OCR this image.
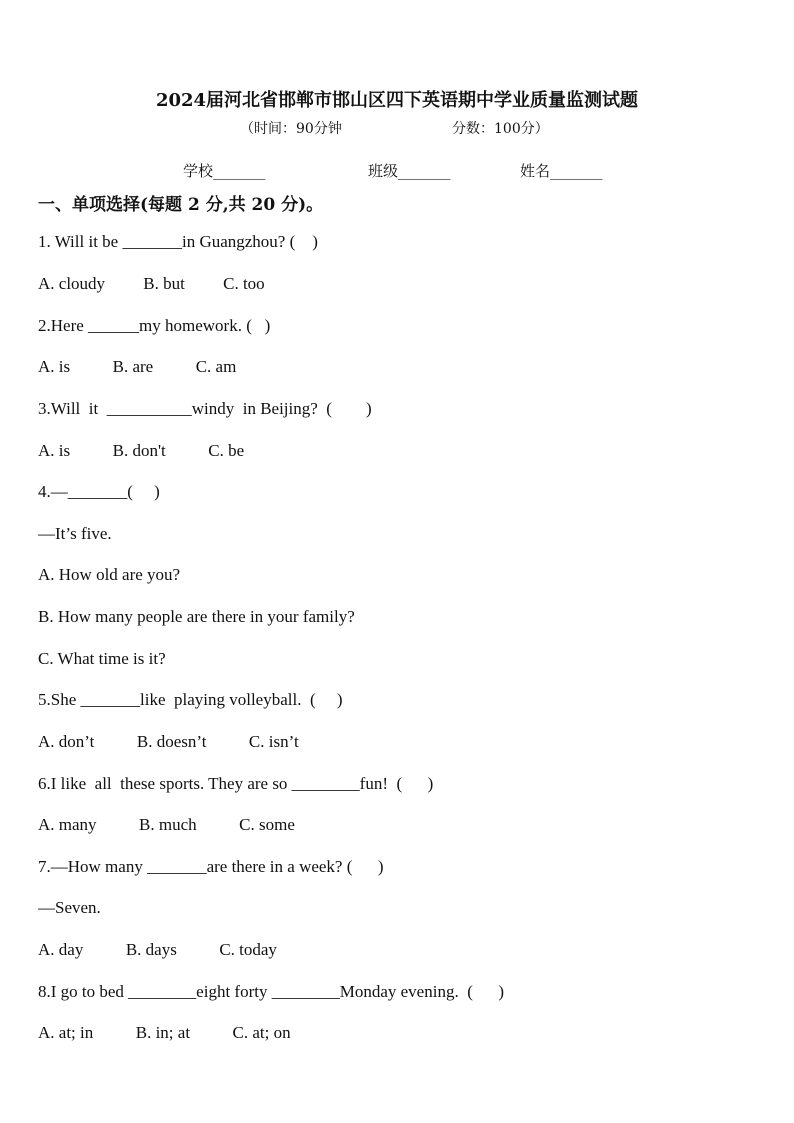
2024届河北省邯郸市邯山区四下英语期中学业质量监测试题
（时间：90分钟	分数：100分）
学校_______	班级_______	姓名_______
一、单项选择(每题 2 分,共 20 分)。
1. Will it be _______in Guangzhou? (    )
A. cloudy         B. but         C. too
2.Here ______my homework. (   )
A. is          B. are          C. am
3.Will  it  __________windy  in Beijing?  (        )
A. is          B. don't          C. be
4.—_______(     )
—It’s five.
A. How old are you?
B. How many people are there in your family?
C. What time is it?
5.She _______like  playing volleyball.  (     )
A. don’t          B. doesn’t          C. isn’t
6.I like  all  these sports. They are so ________fun!  (      )
A. many          B. much          C. some
7.—How many _______are there in a week? (      )
—Seven.
A. day          B. days          C. today
8.I go to bed ________eight forty ________Monday evening.  (      )
A. at; in          B. in; at          C. at; on
